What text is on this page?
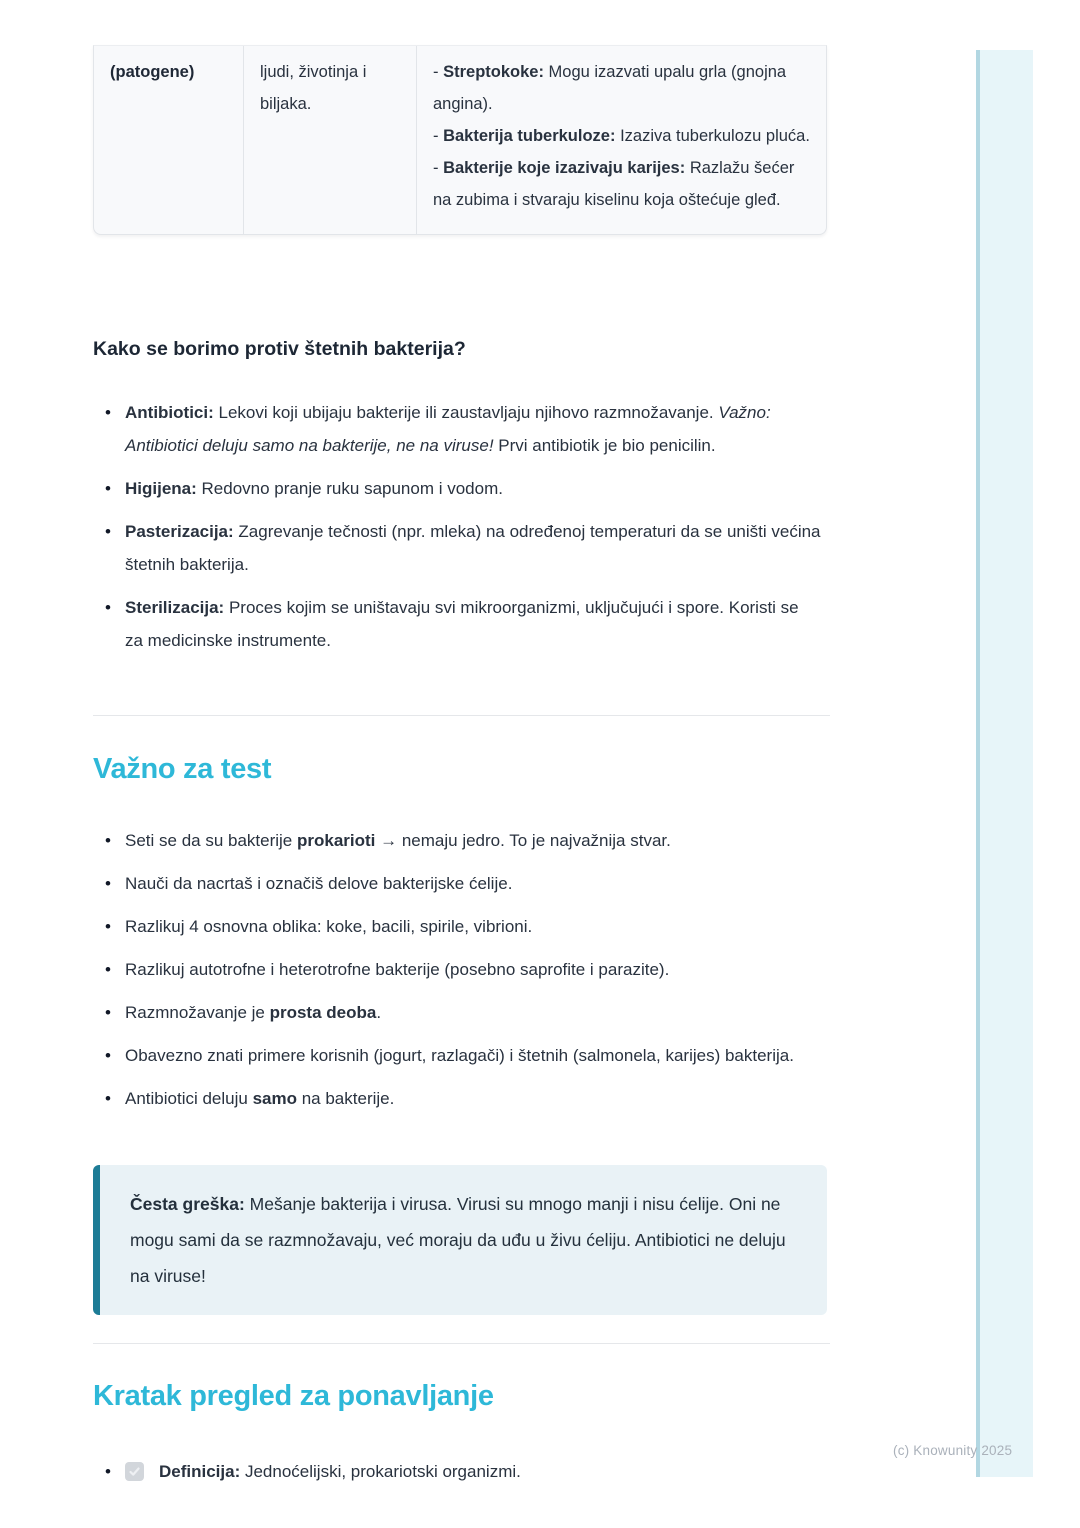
(patogene)	ljudi, životinja i biljaka.
- Streptokoke: Mogu izazvati upalu grla (gnojna angina).
- Bakterija tuberkuloze: Izaziva tuberkulozu pluća.
- Bakterije koje izazivaju karijes: Razlažu šećer na zubima i stvaraju kiselinu koja oštećuje gleđ.
Kako se borimo protiv štetnih bakterija?
• Antibiotici: Lekovi koji ubijaju bakterije ili zaustavljaju njihovo razmnožavanje. Važno: Antibiotici deluju samo na bakterije, ne na viruse! Prvi antibiotik je bio penicilin.
• Higijena: Redovno pranje ruku sapunom i vodom.
• Pasterizacija: Zagrevanje tečnosti (npr. mleka) na određenoj temperaturi da se uništi većina štetnih bakterija.
• Sterilizacija: Proces kojim se uništavaju svi mikroorganizmi, uključujući i spore. Koristi se za medicinske instrumente.
Važno za test
• Seti se da su bakterije prokarioti → nemaju jedro. To je najvažnija stvar.
• Nauči da nacrtaš i označiš delove bakterijske ćelije.
• Razlikuj 4 osnovna oblika: koke, bacili, spirile, vibrioni.
• Razlikuj autotrofne i heterotrofne bakterije (posebno saprofite i parazite).
• Razmnožavanje je prosta deoba.
• Obavezno znati primere korisnih (jogurt, razlagači) i štetnih (salmonela, karijes) bakterija.
• Antibiotici deluju samo na bakterije.

Česta greška: Mešanje bakterija i virusa. Virusi su mnogo manji i nisu ćelije. Oni ne mogu sami da se razmnožavaju, već moraju da uđu u živu ćeliju. Antibiotici ne deluju na viruse!

Kratak pregled za ponavljanje
• Definicija: Jednoćelijski, prokariotski organizmi.
(c) Knowunity 2025
